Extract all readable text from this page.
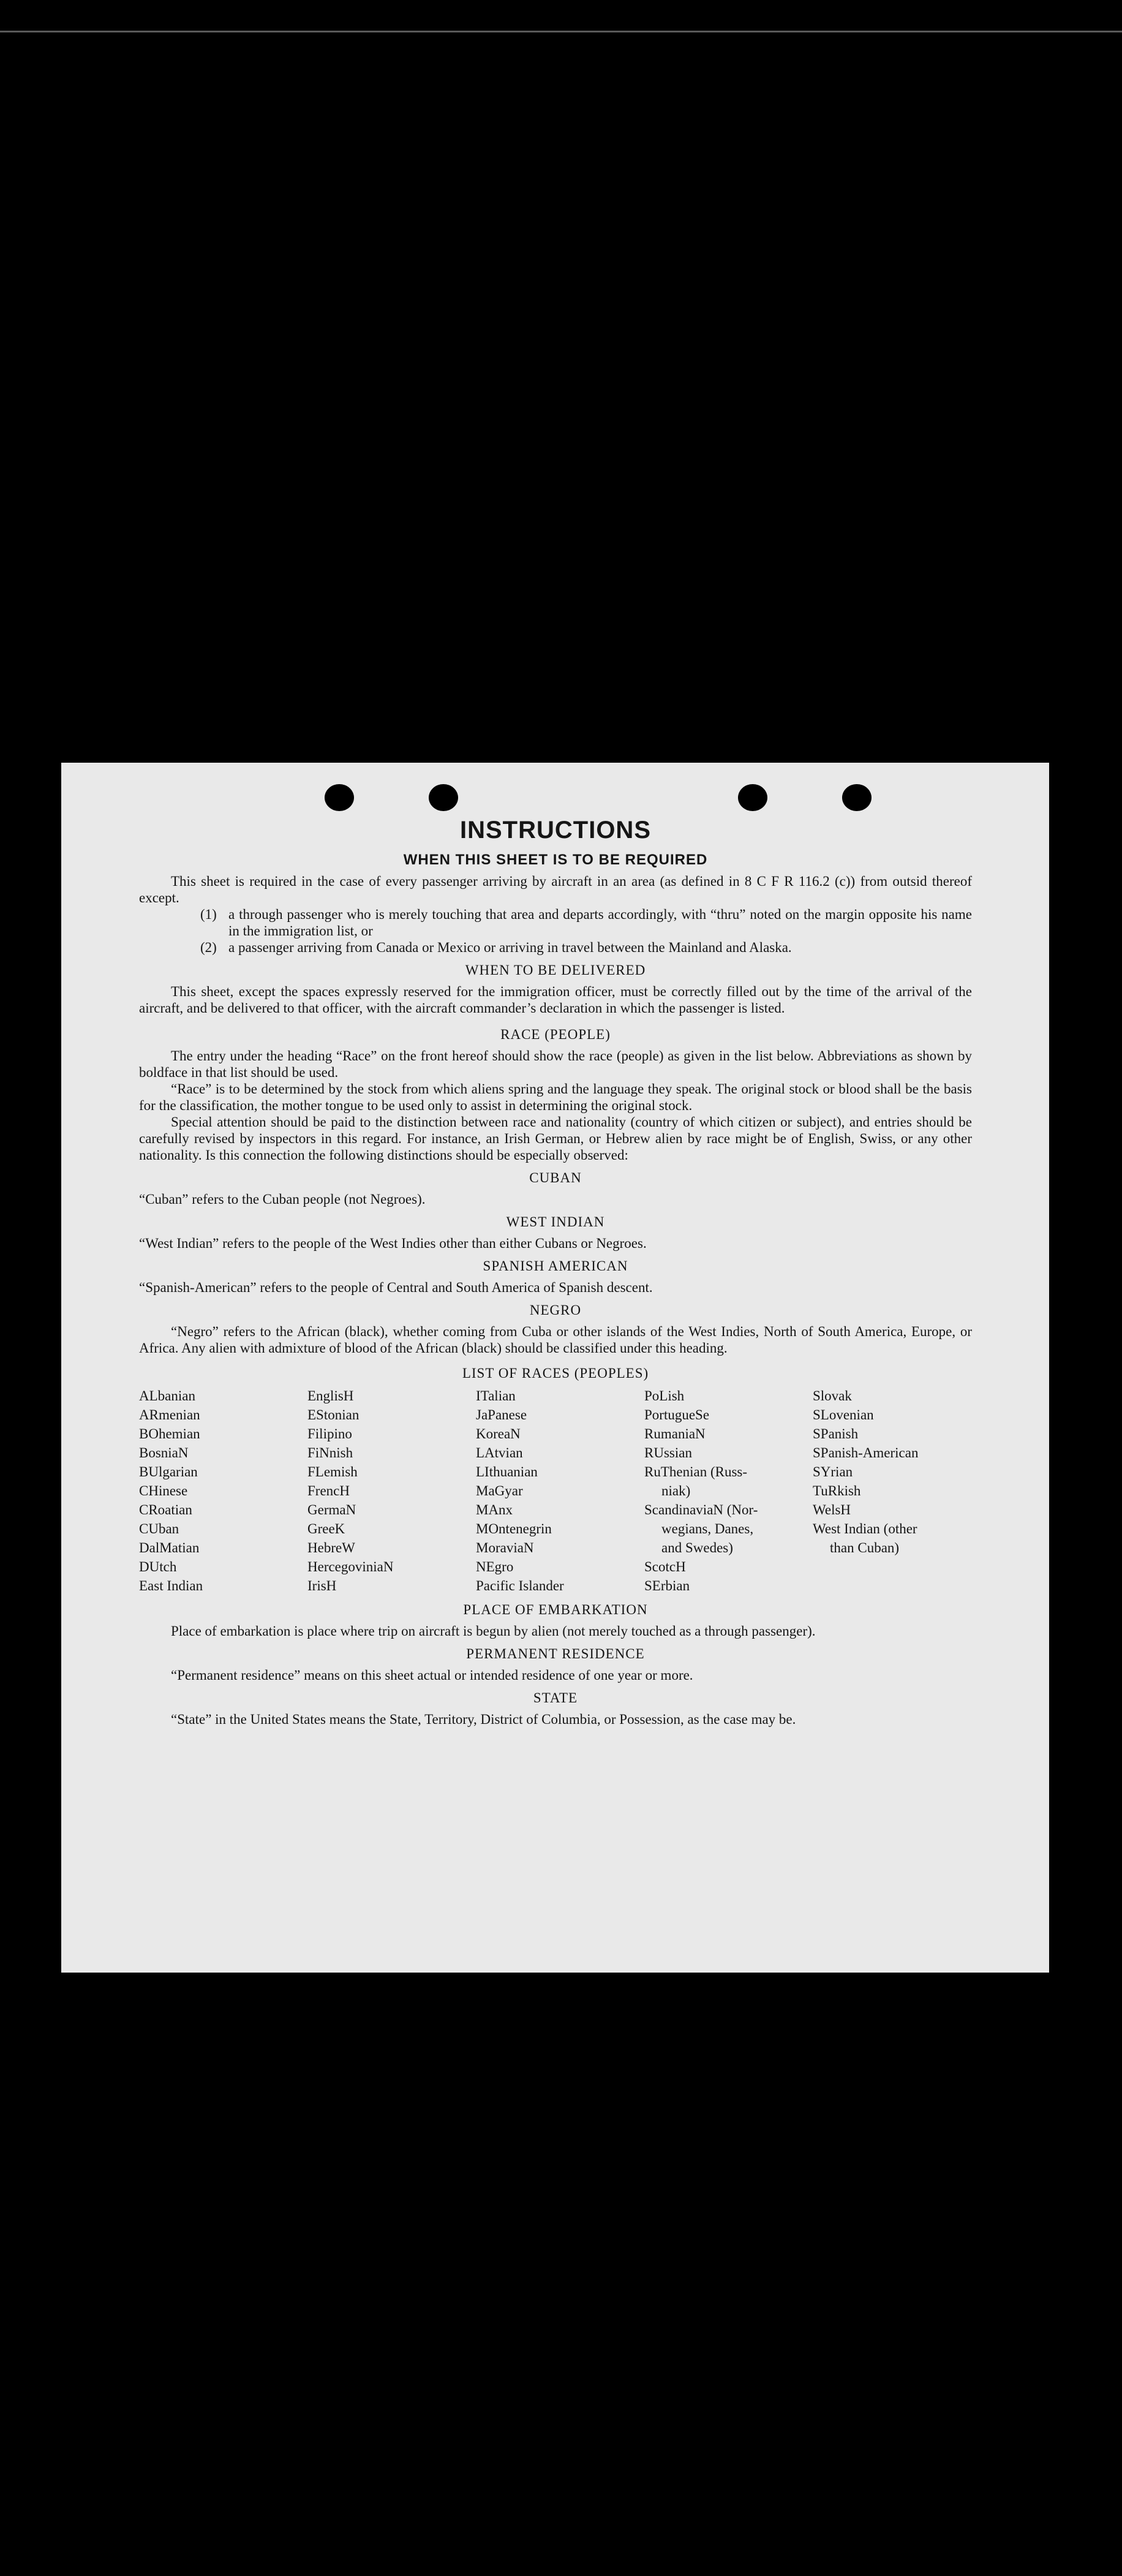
INSTRUCTIONS
WHEN THIS SHEET IS TO BE REQUIRED

This sheet is required in the case of every passenger arriving by aircraft in an area (as defined in 8 C F R 116.2 (c)) from outsid thereof except.

(1) a through passenger who is merely touching that area and departs accordingly, with “thru” noted on the margin opposite his name in the immigration list, or
(2) a passenger arriving from Canada or Mexico or arriving in travel between the Mainland and Alaska.
WHEN TO BE DELIVERED

This sheet, except the spaces expressly reserved for the immigration officer, must be correctly filled out by the time of the arrival of the aircraft, and be delivered to that officer, with the aircraft commander’s declaration in which the passenger is listed.

RACE (PEOPLE)

The entry under the heading “Race” on the front hereof should show the race (people) as given in the list below. Abbreviations as shown by boldface in that list should be used.

“Race” is to be determined by the stock from which aliens spring and the language they speak. The original stock or blood shall be the basis for the classification, the mother tongue to be used only to assist in determining the original stock.

Special attention should be paid to the distinction between race and nationality (country of which citizen or subject), and entries should be carefully revised by inspectors in this regard. For instance, an Irish German, or Hebrew alien by race might be of English, Swiss, or any other nationality. Is this connection the following distinctions should be especially observed:

CUBAN

“Cuban” refers to the Cuban people (not Negroes).

WEST INDIAN

“West Indian” refers to the people of the West Indies other than either Cubans or Negroes.

SPANISH AMERICAN

“Spanish-American” refers to the people of Central and South America of Spanish descent.

NEGRO

“Negro” refers to the African (black), whether coming from Cuba or other islands of the West Indies, North of South America, Europe, or Africa. Any alien with admixture of blood of the African (black) should be classified under this heading.

LIST OF RACES (PEOPLES)
ALbanian
ARmenian
BOhemian
BosniaN
BUlgarian
CHinese
CRoatian
CUban
DalMatian
DUtch
East Indian
EnglisH
EStonian
Filipino
FiNnish
FLemish
FrencH
GermaN
GreeK
HebreW
HercegoviniaN
IrisH
ITalian
JaPanese
KoreaN
LAtvian
LIthuanian
MaGyar
MAnx
MOntenegrin
MoraviaN
NEgro
Pacific Islander
PoLish
PortugueSe
RumaniaN
RUssian
RuThenian (Russ-
niak)
ScandinaviaN (Nor-
wegians, Danes,
and Swedes)
ScotcH
SErbian
Slovak
SLovenian
SPanish
SPanish-American
SYrian
TuRkish
WelsH
West Indian (other
than Cuban)
PLACE OF EMBARKATION

Place of embarkation is place where trip on aircraft is begun by alien (not merely touched as a through passenger).

PERMANENT RESIDENCE

“Permanent residence” means on this sheet actual or intended residence of one year or more.

STATE

“State” in the United States means the State, Territory, District of Columbia, or Possession, as the case may be.
